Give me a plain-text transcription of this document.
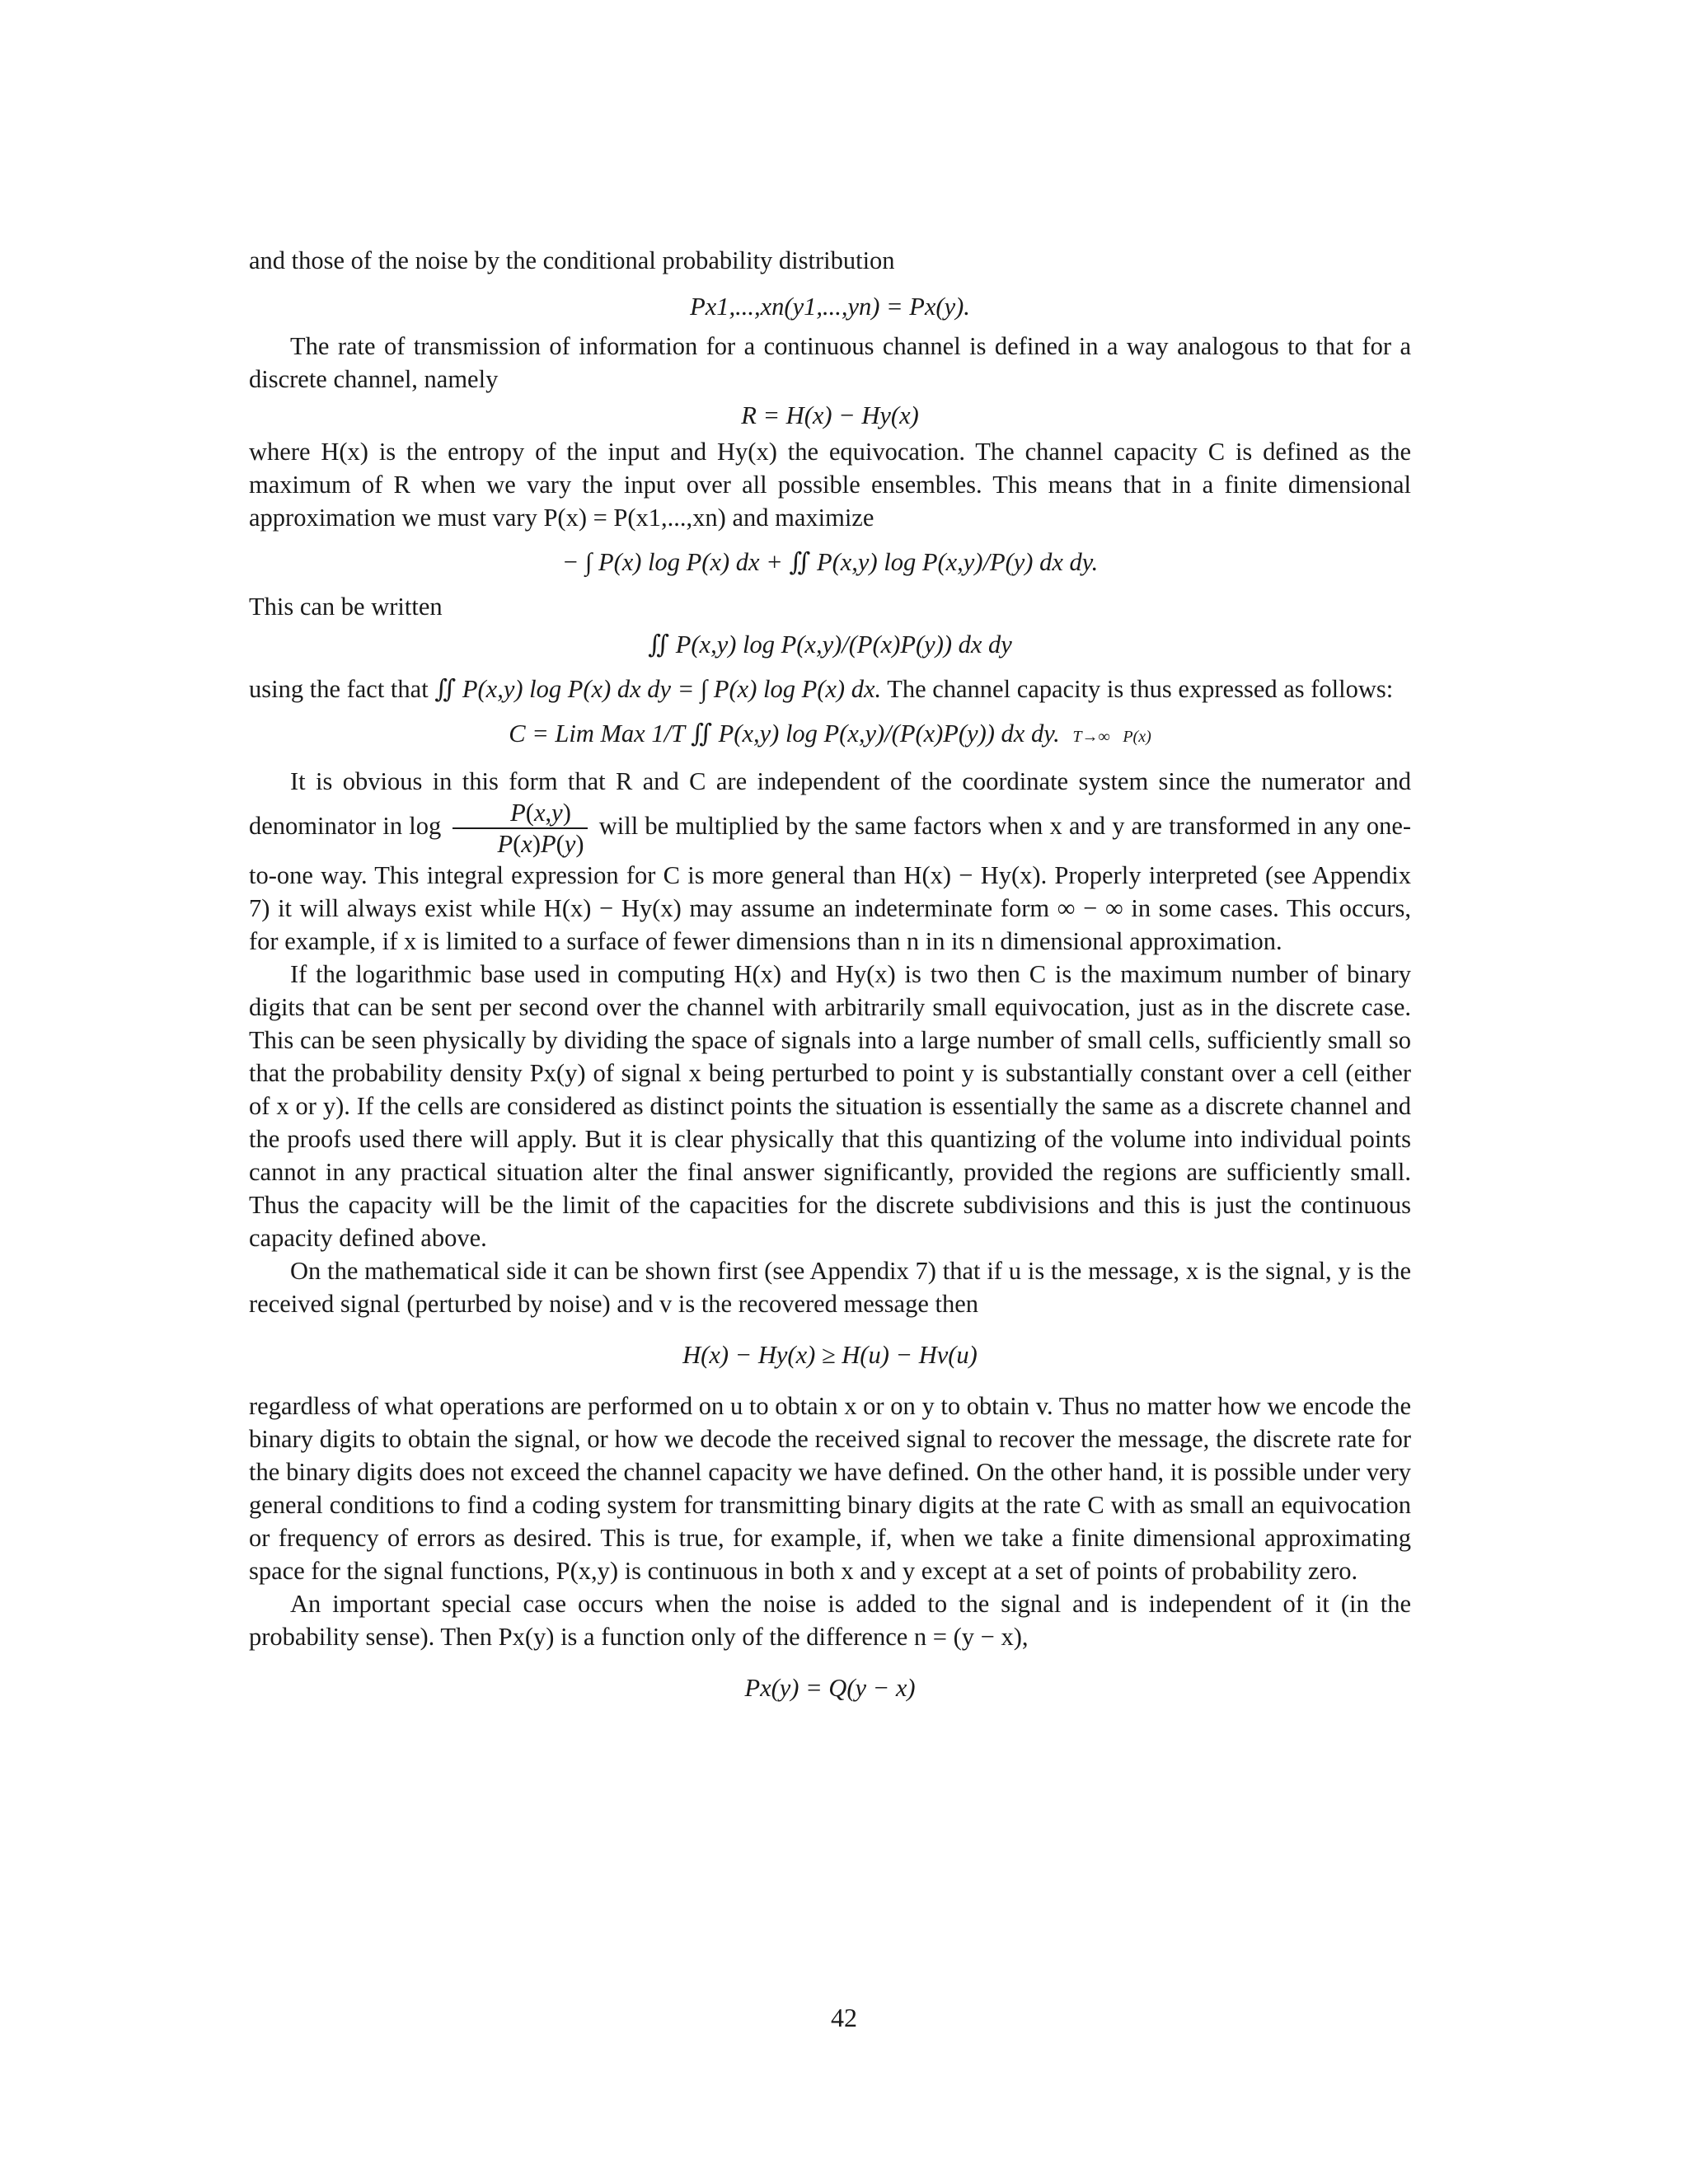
and those of the noise by the conditional probability distribution

Px1,...,xn(y1,...,yn) = Px(y).

The rate of transmission of information for a continuous channel is defined in a way analogous to that for a discrete channel, namely

R = H(x) − Hy(x)

where H(x) is the entropy of the input and Hy(x) the equivocation. The channel capacity C is defined as the maximum of R when we vary the input over all possible ensembles. This means that in a finite dimensional approximation we must vary P(x) = P(x1,...,xn) and maximize

− ∫ P(x) log P(x) dx + ∬ P(x,y) log P(x,y)/P(y) dx dy.

This can be written

∬ P(x,y) log P(x,y)/(P(x)P(y)) dx dy

using the fact that ∬ P(x,y) log P(x) dx dy = ∫ P(x) log P(x) dx. The channel capacity is thus expressed as follows:

C = Lim Max 1/T ∬ P(x,y) log P(x,y)/(P(x)P(y)) dx dy. T→∞ P(x)

It is obvious in this form that R and C are independent of the coordinate system since the numerator and denominator in $\log \frac{P(x,y)}{P(x)P(y)}$ will be multiplied by the same factors when x and y are transformed in any one-to-one way. This integral expression for C is more general than H(x) − Hy(x). Properly interpreted (see Appendix 7) it will always exist while H(x) − Hy(x) may assume an indeterminate form ∞ − ∞ in some cases. This occurs, for example, if x is limited to a surface of fewer dimensions than n in its n dimensional approximation.

If the logarithmic base used in computing H(x) and Hy(x) is two then C is the maximum number of binary digits that can be sent per second over the channel with arbitrarily small equivocation, just as in the discrete case. This can be seen physically by dividing the space of signals into a large number of small cells, sufficiently small so that the probability density Px(y) of signal x being perturbed to point y is substantially constant over a cell (either of x or y). If the cells are considered as distinct points the situation is essentially the same as a discrete channel and the proofs used there will apply. But it is clear physically that this quantizing of the volume into individual points cannot in any practical situation alter the final answer significantly, provided the regions are sufficiently small. Thus the capacity will be the limit of the capacities for the discrete subdivisions and this is just the continuous capacity defined above.

On the mathematical side it can be shown first (see Appendix 7) that if u is the message, x is the signal, y is the received signal (perturbed by noise) and v is the recovered message then

H(x) − Hy(x) ≥ H(u) − Hv(u)

regardless of what operations are performed on u to obtain x or on y to obtain v. Thus no matter how we encode the binary digits to obtain the signal, or how we decode the received signal to recover the message, the discrete rate for the binary digits does not exceed the channel capacity we have defined. On the other hand, it is possible under very general conditions to find a coding system for transmitting binary digits at the rate C with as small an equivocation or frequency of errors as desired. This is true, for example, if, when we take a finite dimensional approximating space for the signal functions, P(x,y) is continuous in both x and y except at a set of points of probability zero.

An important special case occurs when the noise is added to the signal and is independent of it (in the probability sense). Then Px(y) is a function only of the difference n = (y − x),

Px(y) = Q(y − x)

42
